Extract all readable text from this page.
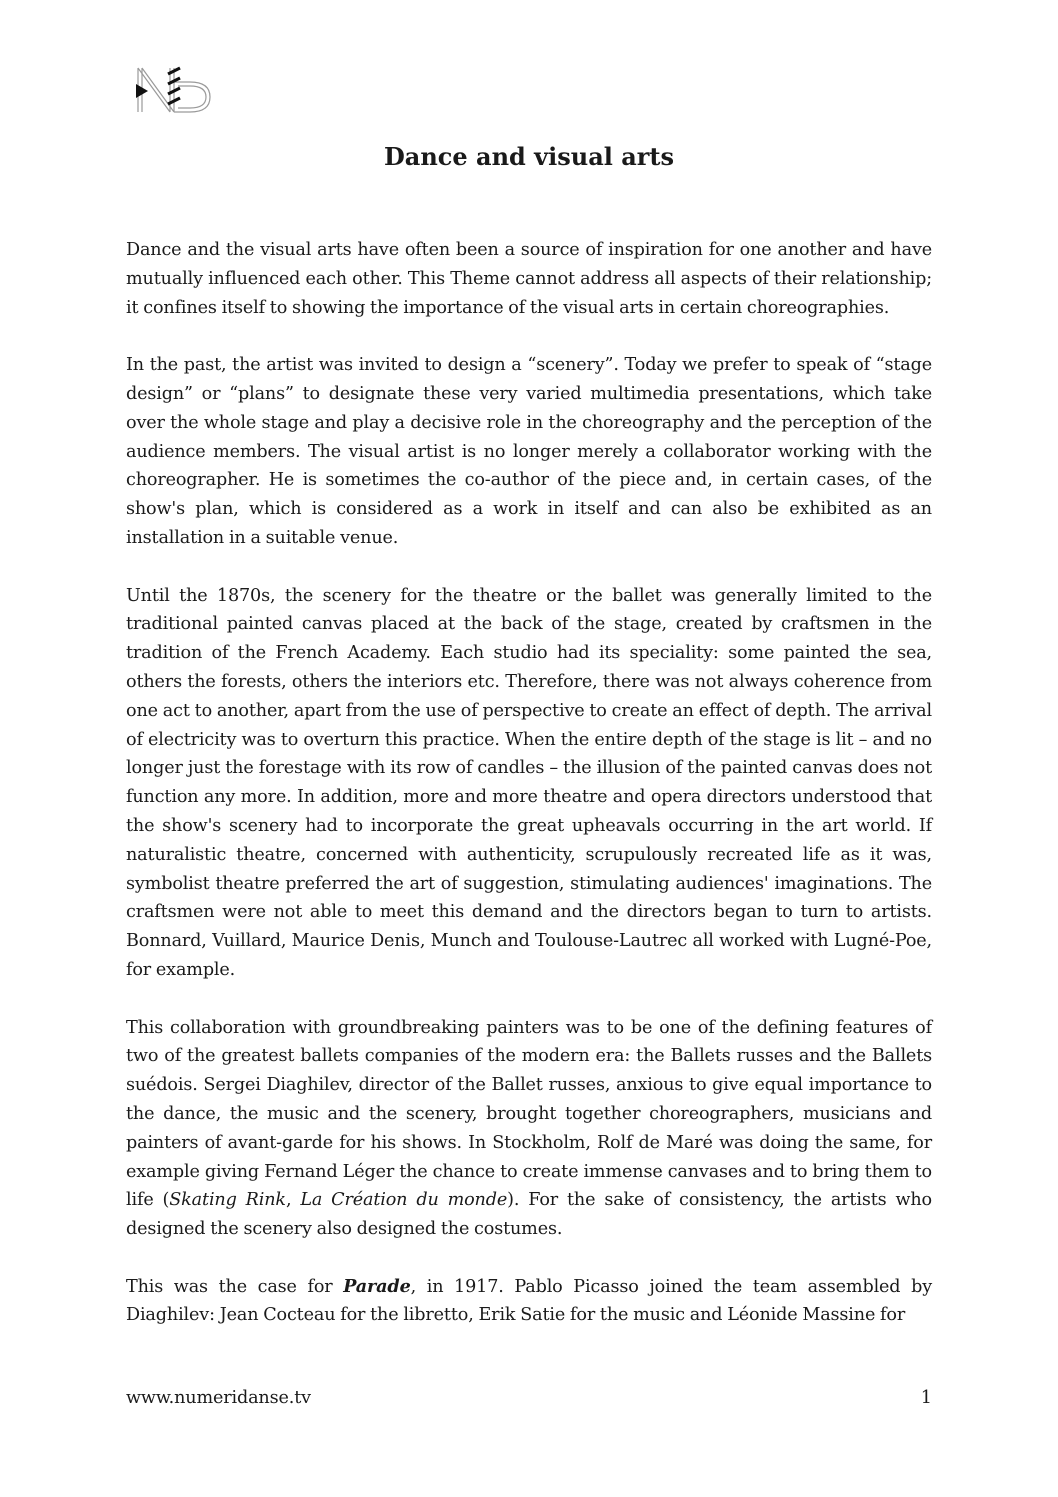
Dance and visual arts

Dance and the visual arts have often been a source of inspiration for one another and have mutually influenced each other. This Theme cannot address all aspects of their relationship; it confines itself to showing the importance of the visual arts in certain choreographies.

In the past, the artist was invited to design a “scenery”. Today we prefer to speak of “stage design” or “plans” to designate these very varied multimedia presentations, which take over the whole stage and play a decisive role in the choreography and the perception of the audience members. The visual artist is no longer merely a collaborator working with the choreographer. He is sometimes the co-author of the piece and, in certain cases, of the show's plan, which is considered as a work in itself and can also be exhibited as an installation in a suitable venue.

Until the 1870s, the scenery for the theatre or the ballet was generally limited to the traditional painted canvas placed at the back of the stage, created by craftsmen in the tradition of the French Academy. Each studio had its speciality: some painted the sea, others the forests, others the interiors etc. Therefore, there was not always coherence from one act to another, apart from the use of perspective to create an effect of depth. The arrival of electricity was to overturn this practice. When the entire depth of the stage is lit – and no longer just the forestage with its row of candles – the illusion of the painted canvas does not function any more. In addition, more and more theatre and opera directors understood that the show's scenery had to incorporate the great upheavals occurring in the art world. If naturalistic theatre, concerned with authenticity, scrupulously recreated life as it was, symbolist theatre preferred the art of suggestion, stimulating audiences' imaginations. The craftsmen were not able to meet this demand and the directors began to turn to artists. Bonnard, Vuillard, Maurice Denis, Munch and Toulouse-Lautrec all worked with Lugné-Poe, for example.

This collaboration with groundbreaking painters was to be one of the defining features of two of the greatest ballets companies of the modern era: the Ballets russes and the Ballets suédois. Sergei Diaghilev, director of the Ballet russes, anxious to give equal importance to the dance, the music and the scenery, brought together choreographers, musicians and painters of avant-garde for his shows. In Stockholm, Rolf de Maré was doing the same, for example giving Fernand Léger the chance to create immense canvases and to bring them to life (Skating Rink, La Création du monde). For the sake of consistency, the artists who designed the scenery also designed the costumes.

This was the case for Parade, in 1917. Pablo Picasso joined the team assembled by Diaghilev: Jean Cocteau for the libretto, Erik Satie for the music and Léonide Massine for

www.numeridanse.tv	1
